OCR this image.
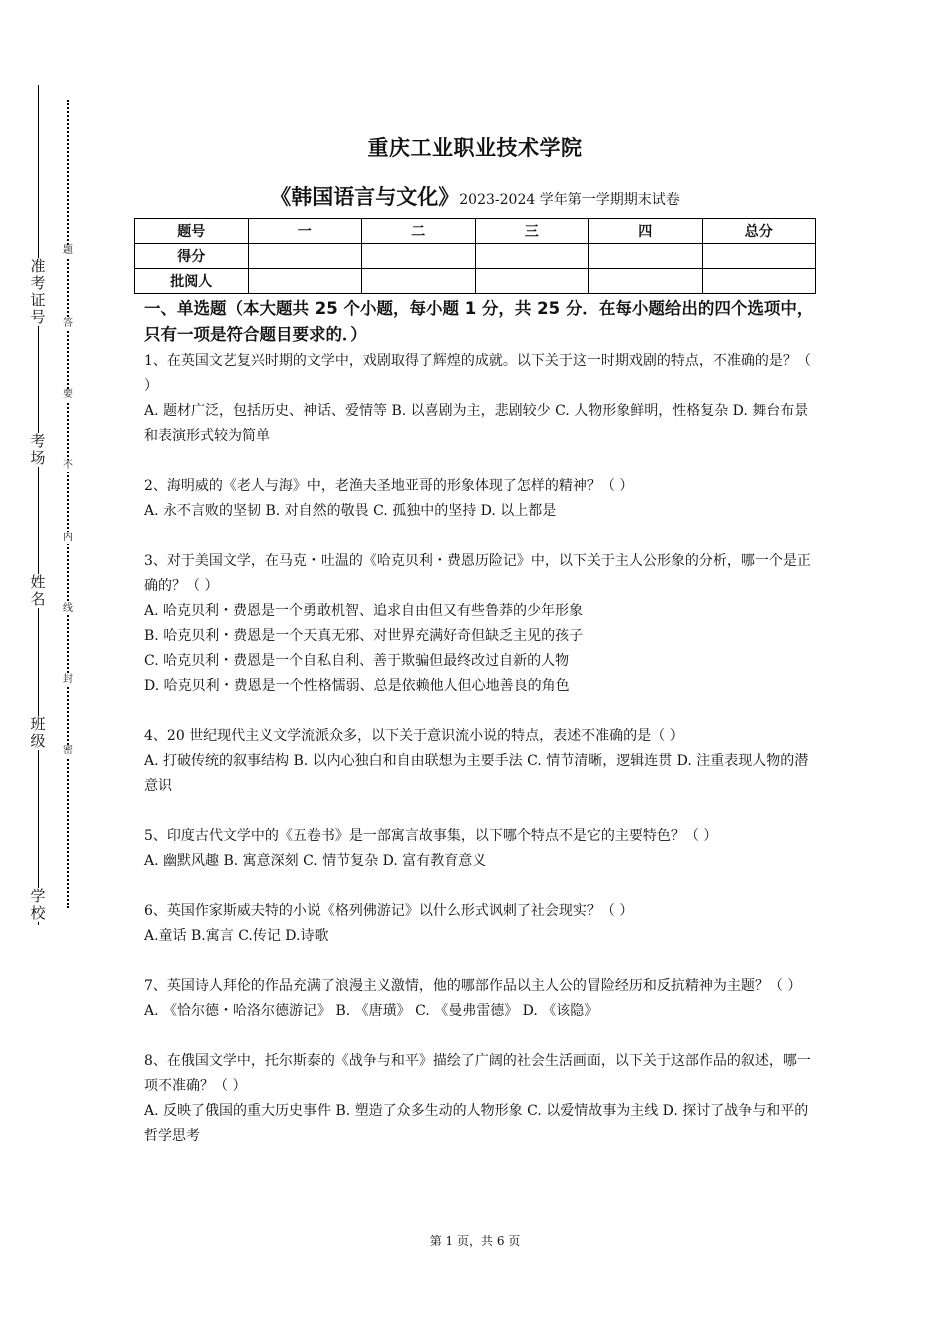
准考证号
考场
姓名
班级
学校
题
答
要
不
内
线
封
密
重庆工业职业技术学院
《韩国语言与文化》2023-2024 学年第一学期期末试卷
题号	一	二	三	四	总分
得分					
批阅人					
一、单选题（本大题共 25 个小题，每小题 1 分，共 25 分．在每小题给出的四个选项中，只有一项是符合题目要求的．）

1、在英国文艺复兴时期的文学中，戏剧取得了辉煌的成就。以下关于这一时期戏剧的特点，不准确的是？（ ）

A. 题材广泛，包括历史、神话、爱情等 B. 以喜剧为主，悲剧较少 C. 人物形象鲜明，性格复杂 D. 舞台布景和表演形式较为简单

2、海明威的《老人与海》中，老渔夫圣地亚哥的形象体现了怎样的精神？（ ）

A. 永不言败的坚韧 B. 对自然的敬畏 C. 孤独中的坚持 D. 以上都是

3、对于美国文学，在马克・吐温的《哈克贝利・费恩历险记》中，以下关于主人公形象的分析，哪一个是正确的？（ ）

A. 哈克贝利・费恩是一个勇敢机智、追求自由但又有些鲁莽的少年形象

B. 哈克贝利・费恩是一个天真无邪、对世界充满好奇但缺乏主见的孩子

C. 哈克贝利・费恩是一个自私自利、善于欺骗但最终改过自新的人物

D. 哈克贝利・费恩是一个性格懦弱、总是依赖他人但心地善良的角色

4、20 世纪现代主义文学流派众多，以下关于意识流小说的特点，表述不准确的是（ ）

A. 打破传统的叙事结构 B. 以内心独白和自由联想为主要手法 C. 情节清晰，逻辑连贯 D. 注重表现人物的潜意识

5、印度古代文学中的《五卷书》是一部寓言故事集，以下哪个特点不是它的主要特色？（ ）

A. 幽默风趣 B. 寓意深刻 C. 情节复杂 D. 富有教育意义

6、英国作家斯威夫特的小说《格列佛游记》以什么形式讽刺了社会现实？（ ）

A.童话 B.寓言 C.传记 D.诗歌

7、英国诗人拜伦的作品充满了浪漫主义激情，他的哪部作品以主人公的冒险经历和反抗精神为主题？（ ）

A. 《恰尔德・哈洛尔德游记》 B. 《唐璜》 C. 《曼弗雷德》 D. 《该隐》

8、在俄国文学中，托尔斯泰的《战争与和平》描绘了广阔的社会生活画面，以下关于这部作品的叙述，哪一项不准确？（ ）

A. 反映了俄国的重大历史事件 B. 塑造了众多生动的人物形象 C. 以爱情故事为主线 D. 探讨了战争与和平的哲学思考

第 1 页，共 6 页
